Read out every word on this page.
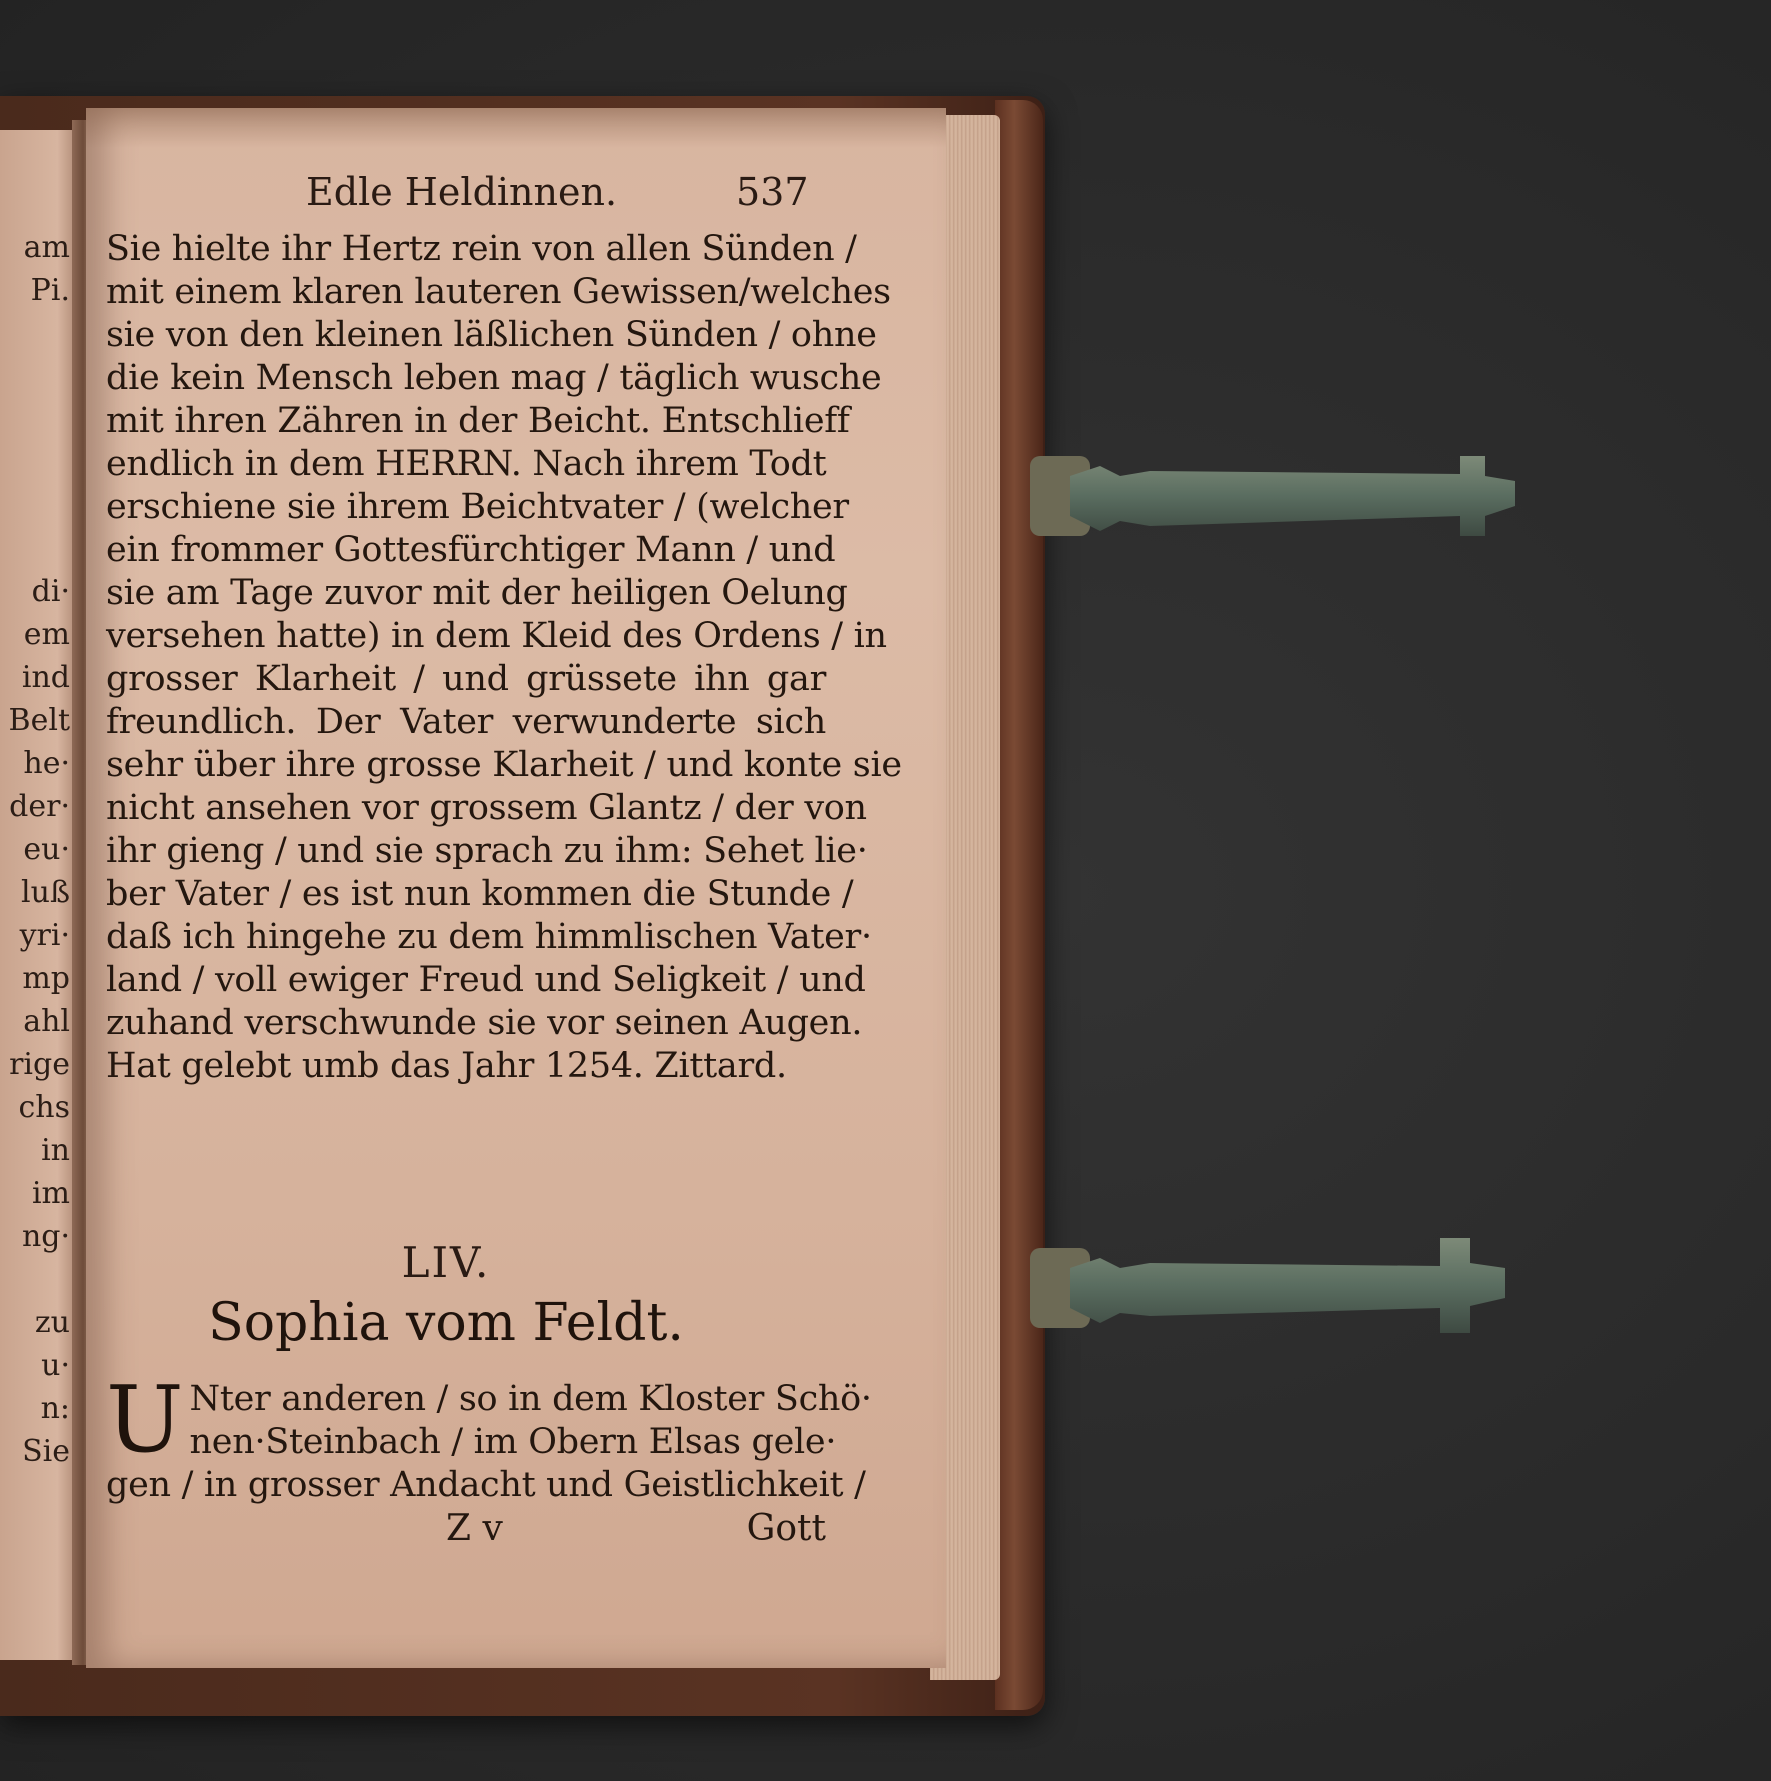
am
Pi.
di·
em
ind
Belt
he·
der·
eu·
luß
yri·
mp
ahl
rige
chs
in
im
ng·
zu
u·
n:
Sie
Edle Heldinnen.	537
Sie hielte ihr Hertz rein von allen Sünden /
mit einem klaren lauteren Gewissen/welches
sie von den kleinen läßlichen Sünden / ohne
die kein Mensch leben mag / täglich wusche
mit ihren Zähren in der Beicht. Entschlieff
endlich in dem HERRN. Nach ihrem Todt
erschiene sie ihrem Beichtvater / (welcher
ein frommer Gottesfürchtiger Mann / und
sie am Tage zuvor mit der heiligen Oelung
versehen hatte) in dem Kleid des Ordens / in
grosser Klarheit / und grüssete ihn gar
freundlich. Der Vater verwunderte sich
sehr über ihre grosse Klarheit / und konte sie
nicht ansehen vor grossem Glantz / der von
ihr gieng / und sie sprach zu ihm: Sehet lie·
ber Vater / es ist nun kommen die Stunde /
daß ich hingehe zu dem himmlischen Vater·
land / voll ewiger Freud und Seligkeit / und
zuhand verschwunde sie vor seinen Augen.
Hat gelebt umb das Jahr 1254. Zittard.
LIV.
Sophia vom Feldt.
U Nter anderen / so in dem Kloster Schö·
nen·Steinbach / im Obern Elsas gele·
gen / in grosser Andacht und Geistlichkeit /
Z v	Gott
